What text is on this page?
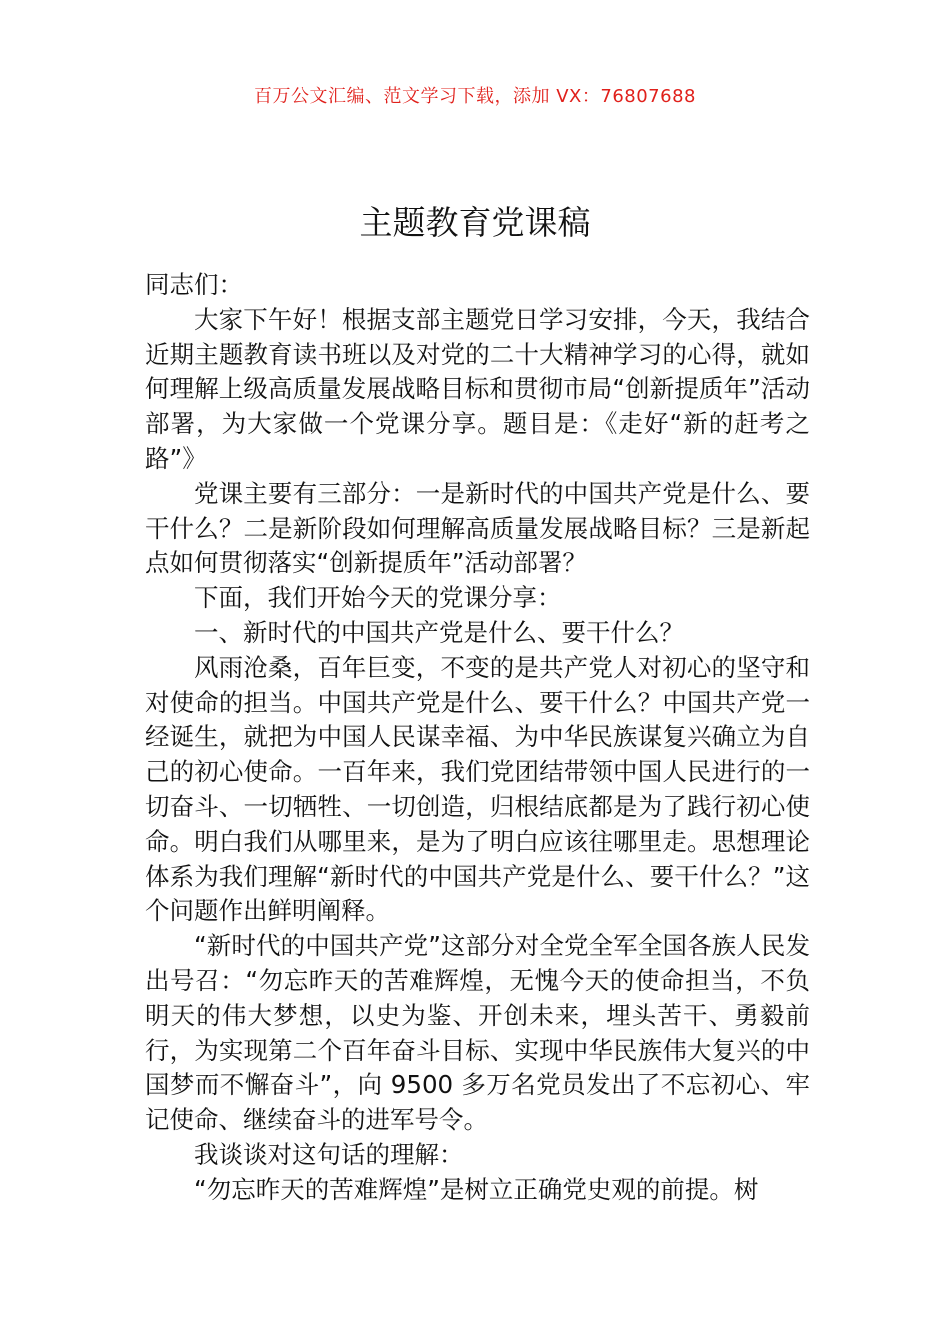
百万公文汇编、范文学习下载，添加 VX：76807688
主题教育党课稿

同志们：

大家下午好！根据支部主题党日学习安排，今天，我结合近期主题教育读书班以及对党的二十大精神学习的心得，就如何理解上级高质量发展战略目标和贯彻市局“创新提质年”活动部署，为大家做一个党课分享。题目是：《走好“新的赶考之路”》

党课主要有三部分：一是新时代的中国共产党是什么、要干什么？二是新阶段如何理解高质量发展战略目标？三是新起点如何贯彻落实“创新提质年”活动部署？

下面，我们开始今天的党课分享：

一、新时代的中国共产党是什么、要干什么？

风雨沧桑，百年巨变，不变的是共产党人对初心的坚守和对使命的担当。中国共产党是什么、要干什么？中国共产党一经诞生，就把为中国人民谋幸福、为中华民族谋复兴确立为自己的初心使命。一百年来，我们党团结带领中国人民进行的一切奋斗、一切牺牲、一切创造，归根结底都是为了践行初心使命。明白我们从哪里来，是为了明白应该往哪里走。思想理论体系为我们理解“新时代的中国共产党是什么、要干什么？”这个问题作出鲜明阐释。

“新时代的中国共产党”这部分对全党全军全国各族人民发出号召：“勿忘昨天的苦难辉煌，无愧今天的使命担当，不负明天的伟大梦想，以史为鉴、开创未来，埋头苦干、勇毅前行，为实现第二个百年奋斗目标、实现中华民族伟大复兴的中国梦而不懈奋斗”，向 9500 多万名党员发出了不忘初心、牢记使命、继续奋斗的进军号令。

我谈谈对这句话的理解：

“勿忘昨天的苦难辉煌”是树立正确党史观的前提。树
